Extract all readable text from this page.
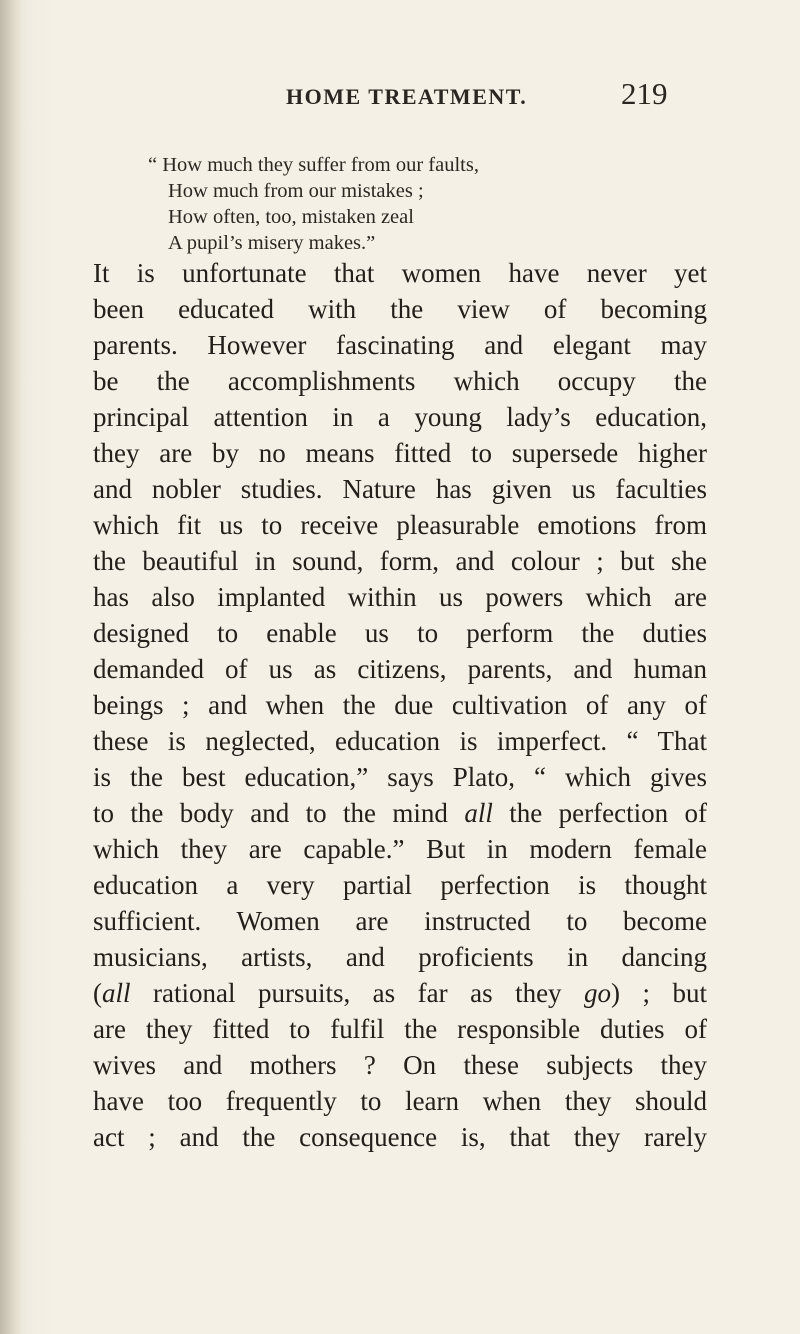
HOME TREATMENT.	219
“ How much they suffer from our faults,
How much from our mistakes ;
How often, too, mistaken zeal
A pupil’s misery makes.”
It is unfortunate that women have never yet
been educated with the view of becoming
parents. However fascinating and elegant may
be the accomplishments which occupy the
principal attention in a young lady’s education,
they are by no means fitted to supersede higher
and nobler studies. Nature has given us faculties
which fit us to receive pleasurable emotions from
the beautiful in sound, form, and colour ; but she
has also implanted within us powers which are
designed to enable us to perform the duties
demanded of us as citizens, parents, and human
beings ; and when the due cultivation of any of
these is neglected, education is imperfect. “ That
is the best education,” says Plato, “ which gives
to the body and to the mind all the perfection of
which they are capable.” But in modern female
education a very partial perfection is thought
sufficient. Women are instructed to become
musicians, artists, and proficients in dancing
(all rational pursuits, as far as they go) ; but
are they fitted to fulfil the responsible duties of
wives and mothers ? On these subjects they
have too frequently to learn when they should
act ; and the consequence is, that they rarely
